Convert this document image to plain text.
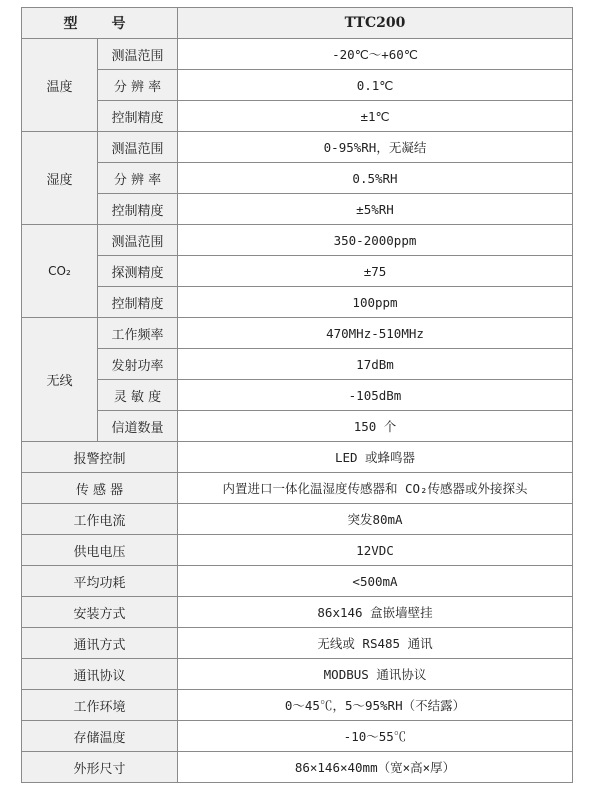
型　号		TTC200
温度	测温范围	-20℃～+60℃
	分 辨 率	0.1℃
	控制精度	±1℃
湿度	测温范围	0-95%RH，无凝结
	分 辨 率	0.5%RH
	控制精度	±5%RH
CO₂	测温范围	350-2000ppm
	探测精度	±75
	控制精度	100ppm
无线	工作频率	470MHz-510MHz
	发射功率	17dBm
	灵 敏 度	-105dBm
	信道数量	150 个
报警控制		LED 或蜂鸣器
传 感 器		内置进口一体化温湿度传感器和 CO₂传感器或外接探头
工作电流		突发80mA
供电电压		12VDC
平均功耗		<500mA
安装方式		86x146 盒嵌墙壁挂
通讯方式		无线或 RS485 通讯
通讯协议		MODBUS 通讯协议
工作环境		0～45℃，5～95%RH（不结露）
存储温度		-10～55℃
外形尺寸		86×146×40mm（宽×高×厚）
